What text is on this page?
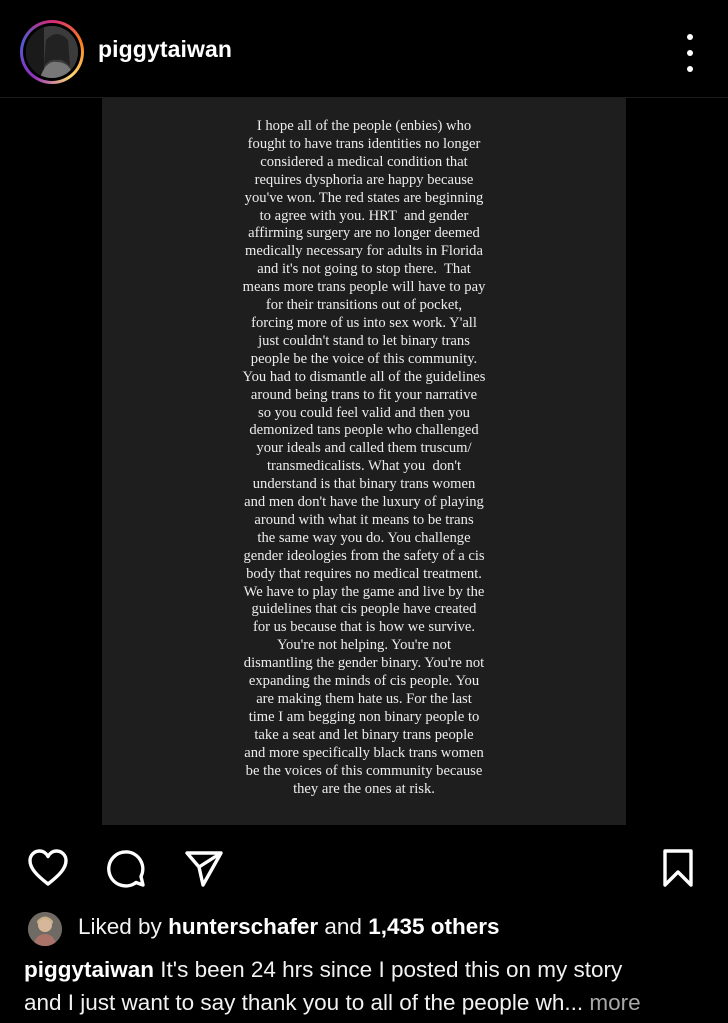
piggytaiwan

I hope all of the people (enbies) who
fought to have trans identities no longer
considered a medical condition that
requires dysphoria are happy because
you've won. The red states are beginning
to agree with you. HRT  and gender
affirming surgery are no longer deemed
medically necessary for adults in Florida
and it's not going to stop there.  That
means more trans people will have to pay
for their transitions out of pocket,
forcing more of us into sex work. Y'all
just couldn't stand to let binary trans
people be the voice of this community.
You had to dismantle all of the guidelines
around being trans to fit your narrative
so you could feel valid and then you
demonized tans people who challenged
your ideals and called them truscum/
transmedicalists. What you  don't
understand is that binary trans women
and men don't have the luxury of playing
around with what it means to be trans
the same way you do. You challenge
gender ideologies from the safety of a cis
body that requires no medical treatment.
We have to play the game and live by the
guidelines that cis people have created
for us because that is how we survive.
You're not helping. You're not
dismantling the gender binary. You're not
expanding the minds of cis people. You
are making them hate us. For the last
time I am begging non binary people to
take a seat and let binary trans people
and more specifically black trans women
be the voices of this community because
they are the ones at risk.

Liked by hunterschafer and 1,435 others
piggytaiwan It's been 24 hrs since I posted this on my story
and I just want to say thank you to all of the people wh... more
